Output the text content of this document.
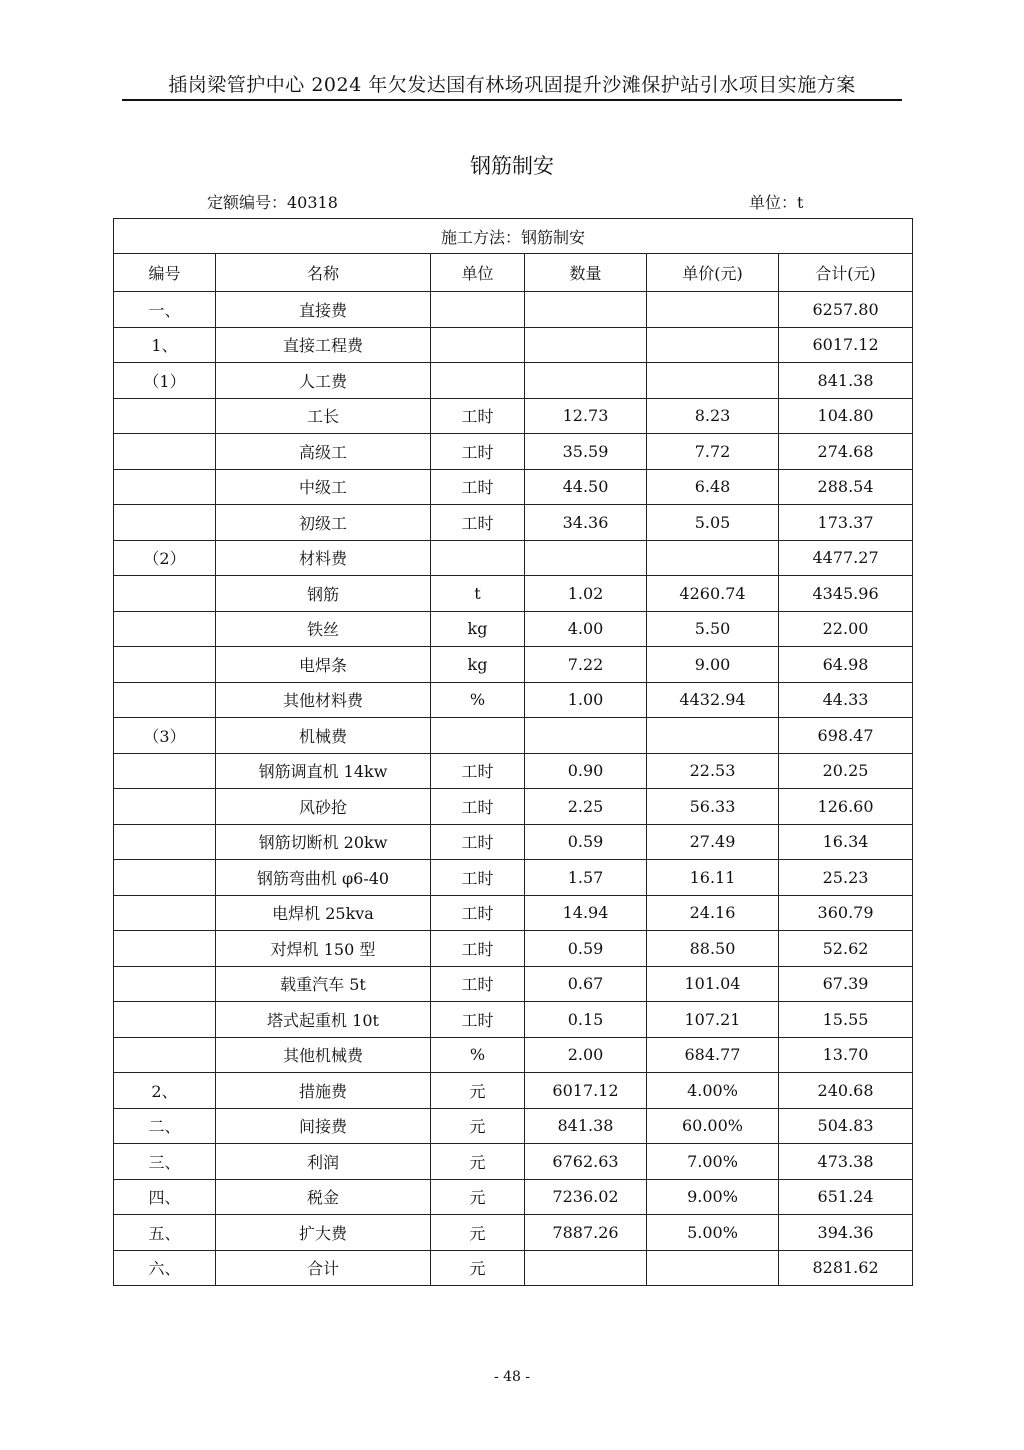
插岗梁管护中心 2024 年欠发达国有林场巩固提升沙滩保护站引水项目实施方案
钢筋制安
定额编号：40318	单位：t
施工方法：钢筋制安					
编号	名称	单位	数量	单价(元)	合计(元)
一、	直接费				6257.80
1、	直接工程费				6017.12
（1）	人工费				841.38
	工长	工时	12.73	8.23	104.80
	高级工	工时	35.59	7.72	274.68
	中级工	工时	44.50	6.48	288.54
	初级工	工时	34.36	5.05	173.37
（2）	材料费				4477.27
	钢筋	t	1.02	4260.74	4345.96
	铁丝	kg	4.00	5.50	22.00
	电焊条	kg	7.22	9.00	64.98
	其他材料费	%	1.00	4432.94	44.33
（3）	机械费				698.47
	钢筋调直机 14kw	工时	0.90	22.53	20.25
	风砂抢	工时	2.25	56.33	126.60
	钢筋切断机 20kw	工时	0.59	27.49	16.34
	钢筋弯曲机 φ6-40	工时	1.57	16.11	25.23
	电焊机 25kva	工时	14.94	24.16	360.79
	对焊机 150 型	工时	0.59	88.50	52.62
	载重汽车 5t	工时	0.67	101.04	67.39
	塔式起重机 10t	工时	0.15	107.21	15.55
	其他机械费	%	2.00	684.77	13.70
2、	措施费	元	6017.12	4.00%	240.68
二、	间接费	元	841.38	60.00%	504.83
三、	利润	元	6762.63	7.00%	473.38
四、	税金	元	7236.02	9.00%	651.24
五、	扩大费	元	7887.26	5.00%	394.36
六、	合计	元			8281.62
- 48 -
